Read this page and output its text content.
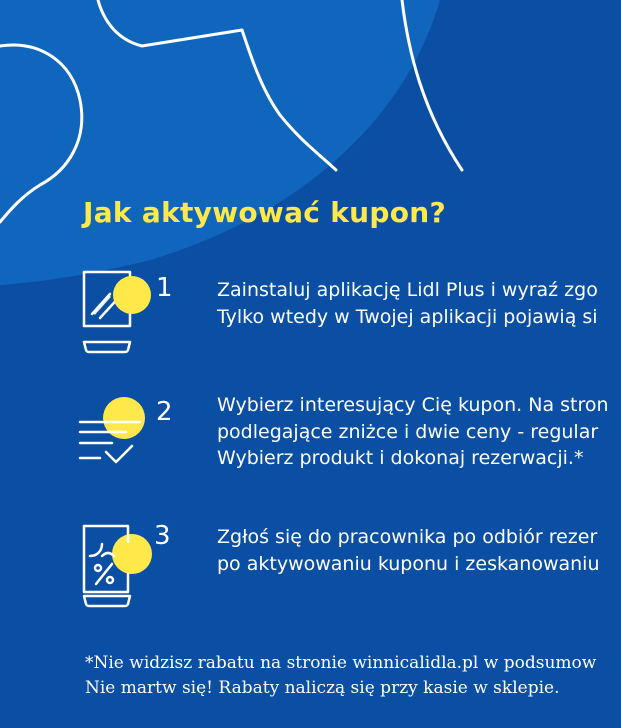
Jak aktywować kupon?
1 Zainstaluj aplikację Lidl Plus i wyraź zgo
Tylko wtedy w Twojej aplikacji pojawią si
2 Wybierz interesujący Cię kupon. Na stron
podlegające zniżce i dwie ceny - regular
Wybierz produkt i dokonaj rezerwacji.*
3 Zgłoś się do pracownika po odbiór rezer
po aktywowaniu kuponu i zeskanowaniu
*Nie widzisz rabatu na stronie winnicalidla.pl w podsumow
Nie martw się! Rabaty naliczą się przy kasie w sklepie.
